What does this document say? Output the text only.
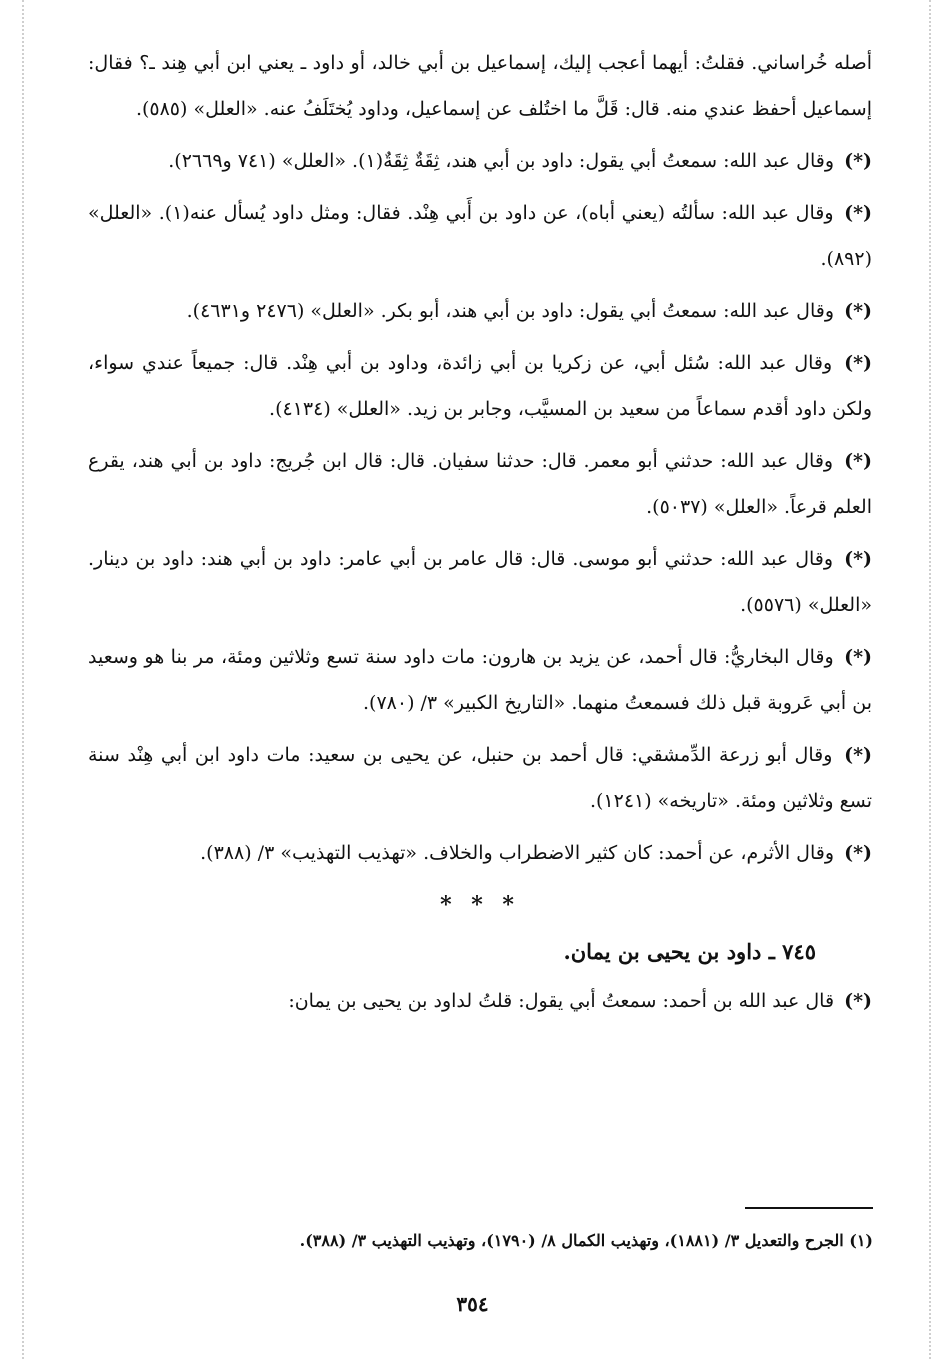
أصله خُراساني. فقلتُ: أيهما أعجب إليك، إسماعيل بن أبي خالد، أو داود ـ يعني ابن أبي هِند ـ؟ فقال: إسماعيل أحفظ عندي منه. قال: قَلَّ ما اختُلف عن إسماعيل، وداود يُختَلَفُ عنه. «العلل» (٥٨٥).

(*) وقال عبد الله: سمعتُ أبي يقول: داود بن أبي هند، ثِقَةٌ ثِقَةٌ(١). «العلل» (٧٤١ و٢٦٦٩).

(*) وقال عبد الله: سألتُه (يعني أباه)، عن داود بن أَبي هِنْد. فقال: ومثل داود يُسأل عنه(١). «العلل» (٨٩٢).

(*) وقال عبد الله: سمعتُ أبي يقول: داود بن أبي هند، أبو بكر. «العلل» (٢٤٧٦ و٤٦٣١).

(*) وقال عبد الله: سُئل أبي، عن زكريا بن أبي زائدة، وداود بن أبي هِنْد. قال: جميعاً عندي سواء، ولكن داود أقدم سماعاً من سعيد بن المسيَّب، وجابر بن زيد. «العلل» (٤١٣٤).

(*) وقال عبد الله: حدثني أبو معمر. قال: حدثنا سفيان. قال: قال ابن جُريج: داود بن أبي هند، يقرع العلم قرعاً. «العلل» (٥٠٣٧).

(*) وقال عبد الله: حدثني أبو موسى. قال: قال عامر بن أبي عامر: داود بن أبي هند: داود بن دينار. «العلل» (٥٥٧٦).

(*) وقال البخاريُّ: قال أحمد، عن يزيد بن هارون: مات داود سنة تسع وثلاثين ومئة، مر بنا هو وسعيد بن أبي عَروبة قبل ذلك فسمعتُ منهما. «التاريخ الكبير» ٣/ (٧٨٠).

(*) وقال أبو زرعة الدِّمشقي: قال أحمد بن حنبل، عن يحيى بن سعيد: مات داود ابن أبي هِنْد سنة تسع وثلاثين ومئة. «تاريخه» (١٢٤١).

(*) وقال الأثرم، عن أحمد: كان كثير الاضطراب والخلاف. «تهذيب التهذيب» ٣/ (٣٨٨).

* * *
٧٤٥ ـ داود بن يحيى بن يمان.

(*) قال عبد الله بن أحمد: سمعتُ أبي يقول: قلتُ لداود بن يحيى بن يمان:

(١) الجرح والتعديل ٣/ (١٨٨١)، وتهذيب الكمال ٨/ (١٧٩٠)، وتهذيب التهذيب ٣/ (٣٨٨).
٣٥٤
